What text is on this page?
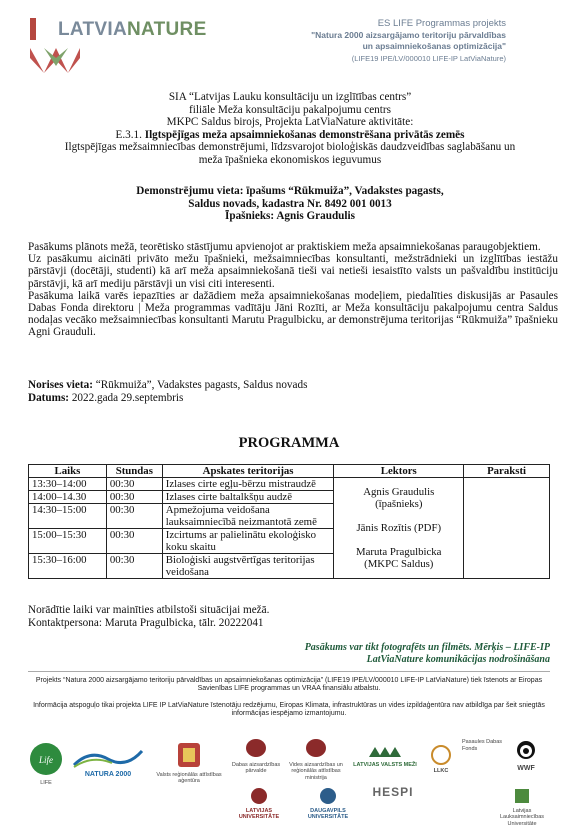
LATVIANATURE	ES LIFE Programmas projekts
"Natura 2000 aizsargājamo teritoriju pārvaldības
un apsaimniekošanas optimizācija"
(LIFE19 IPE/LV/000010 LIFE-IP LatViaNature)
SIA “Latvijas Lauku konsultāciju un izglītības centrs”
filiāle Meža konsultāciju pakalpojumu centrs
MKPC Saldus birojs, Projekta LatViaNature aktivitāte:
E.3.1. Ilgtspējīgas meža apsaimniekošanas demonstrēšana privātās zemēs
Ilgtspējīgas mežsaimniecības demonstrējumi, līdzsvarojot bioloģiskās daudzveidības saglabāšanu un
meža īpašnieka ekonomiskos ieguvumus
Demonstrējumu vieta: īpašums “Rūkmuiža”, Vadakstes pagasts,
Saldus novads, kadastra Nr. 8492 001 0013
Īpašnieks: Agnis Graudulis
Pasākums plānots mežā, teorētisko stāstījumu apvienojot ar praktiskiem meža apsaimniekošanas paraugobjektiem.
Uz pasākumu aicināti privāto mežu īpašnieki, mežsaimniecības konsultanti, mežstrādnieki un izglītības iestāžu pārstāvji (docētāji, studenti) kā arī meža apsaimniekošanā tieši vai netieši iesaistīto valsts un pašvaldību institūciju pārstāvji, kā arī mediju pārstāvji un visi citi interesenti.
Pasākuma laikā varēs iepazīties ar dažādiem meža apsaimniekošanas modeļiem, piedalīties diskusijās ar Pasaules Dabas Fonda direktoru | Meža programmas vadītāju Jāni Rozīti, ar Meža konsultāciju pakalpojumu centra Saldus nodaļas vecāko mežsaimniecības konsultanti Marutu Pragulbicku, ar demonstrējuma teritorijas “Rūkmuiža” īpašnieku Agni Grauduli.
Norises vieta: “Rūkmuiža”, Vadakstes pagasts, Saldus novads
Datums: 2022.gada 29.septembris
PROGRAMMA
Laiks	Stundas	Apskates teritorijas	Lektors	Paraksti
13:30–14:00	00:30	Izlases cirte egļu-bērzu mistraudzē	Agnis Graudulis
(īpašnieks)
Jānis Rozītis (PDF)
Maruta Pragulbicka
(MKPC Saldus)	

14:00–14.30	00:30	Izlases cirte baltalkšņu audzē		
14:30–15:00	00:30	Apmežojuma veidošana lauksaimniecībā neizmantotā zemē		
15:00–15:30	00:30	Izcirtums ar palielinātu ekoloģisko koku skaitu		
15:30–16:00	00:30	Bioloģiski augstvērtīgas teritorijas veidošana		
Norādītie laiki var mainīties atbilstoši situācijai mežā.
Kontaktpersona: Maruta Pragulbicka, tālr. 20222041
Pasākums var tikt fotografēts un filmēts. Mērķis – LIFE-IP
LatViaNature komunikācijas nodrošināšana
Projekts “Natura 2000 aizsargājamo teritoriju pārvaldības un apsaimniekošanas optimizācija” (LIFE19 IPE/LV/000010 LIFE-IP LatViaNature) tiek īstenots ar Eiropas Savienības LIFE programmas un VRAA finansiālu atbalstu.
Informācija atspoguļo tikai projekta LIFE IP LatViaNature īstenotāju redzējumu, Eiropas Klimata, infrastruktūras un vides izpildaģentūra nav atbildīga par šeit sniegtās informācijas iespējamo izmantojumu.
Life
LIFE
NATURA 2000	Valsts reģionālās attīstības aģentūra
Dabas aizsardzības pārvalde
Vides aizsardzības un reģionālās attīstības ministrija
LATVIJAS VALSTS MEŽI
LLKC
Pasaules Dabas Fonds
WWF
LATVIJAS UNIVERSITĀTE
DAUGAVPILS UNIVERSITĀTE
HESPI
Latvijas Lauksaimniecības Universitāte
